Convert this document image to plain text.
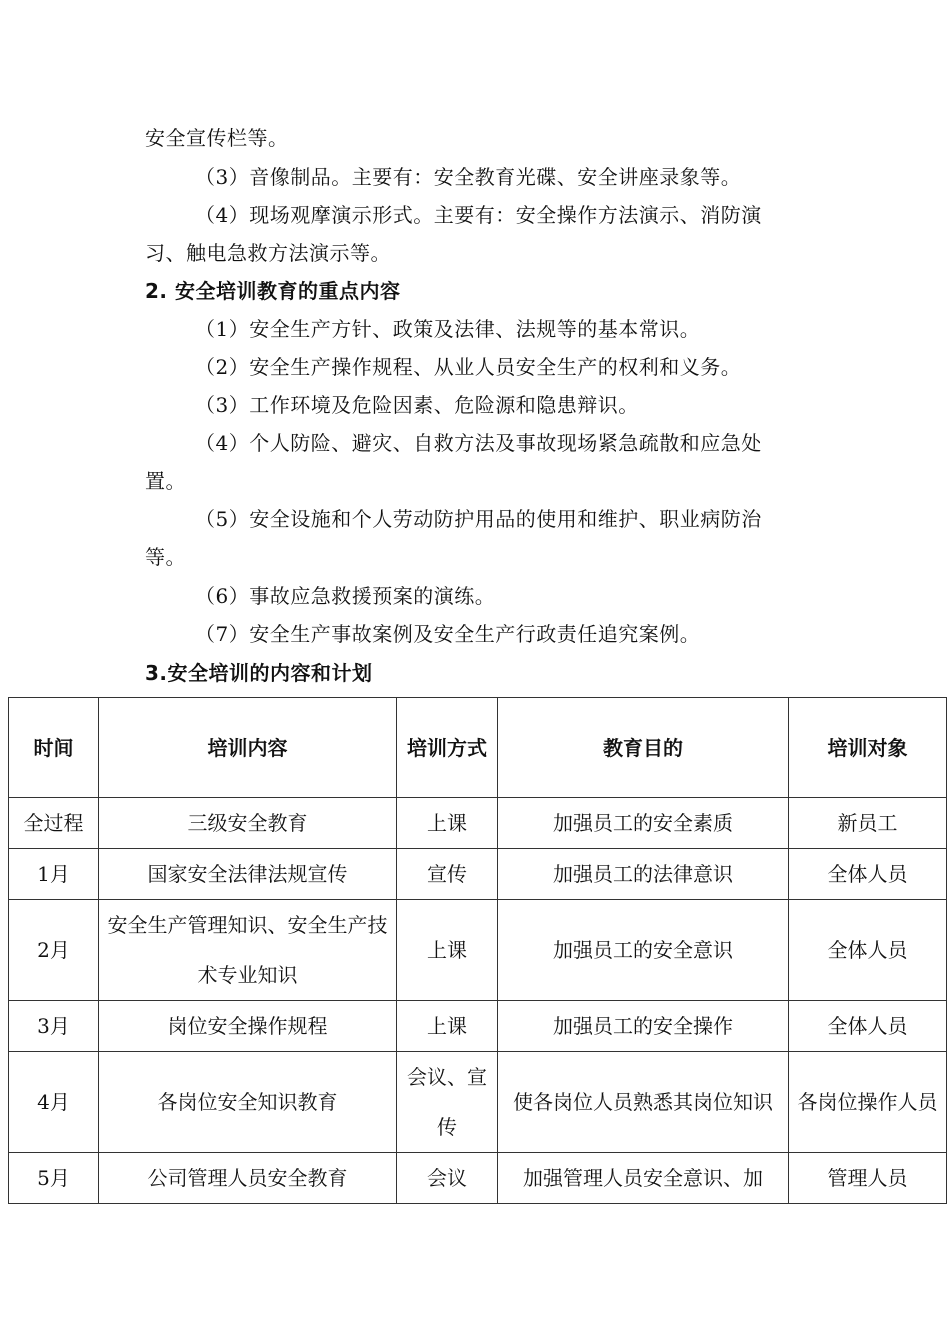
安全宣传栏等。
（3）音像制品。主要有：安全教育光碟、安全讲座录象等。
（4）现场观摩演示形式。主要有：安全操作方法演示、消防演
习、触电急救方法演示等。
2. 安全培训教育的重点内容
（1）安全生产方针、政策及法律、法规等的基本常识。
（2）安全生产操作规程、从业人员安全生产的权利和义务。
（3）工作环境及危险因素、危险源和隐患辩识。
（4）个人防险、避灾、自救方法及事故现场紧急疏散和应急处
置。
（5）安全设施和个人劳动防护用品的使用和维护、职业病防治
等。
（6）事故应急救援预案的演练。
（7）安全生产事故案例及安全生产行政责任追究案例。
3.安全培训的内容和计划
时间	培训内容	培训方式	教育目的	培训对象
全过程	三级安全教育	上课	加强员工的安全素质	新员工
1月	国家安全法律法规宣传	宣传	加强员工的法律意识	全体人员
2月	安全生产管理知识、安全生产技术专业知识	上课	加强员工的安全意识	全体人员
3月	岗位安全操作规程	上课	加强员工的安全操作	全体人员
4月	各岗位安全知识教育	会议、宣传	使各岗位人员熟悉其岗位知识	各岗位操作人员
5月	公司管理人员安全教育	会议	加强管理人员安全意识、加	管理人员
